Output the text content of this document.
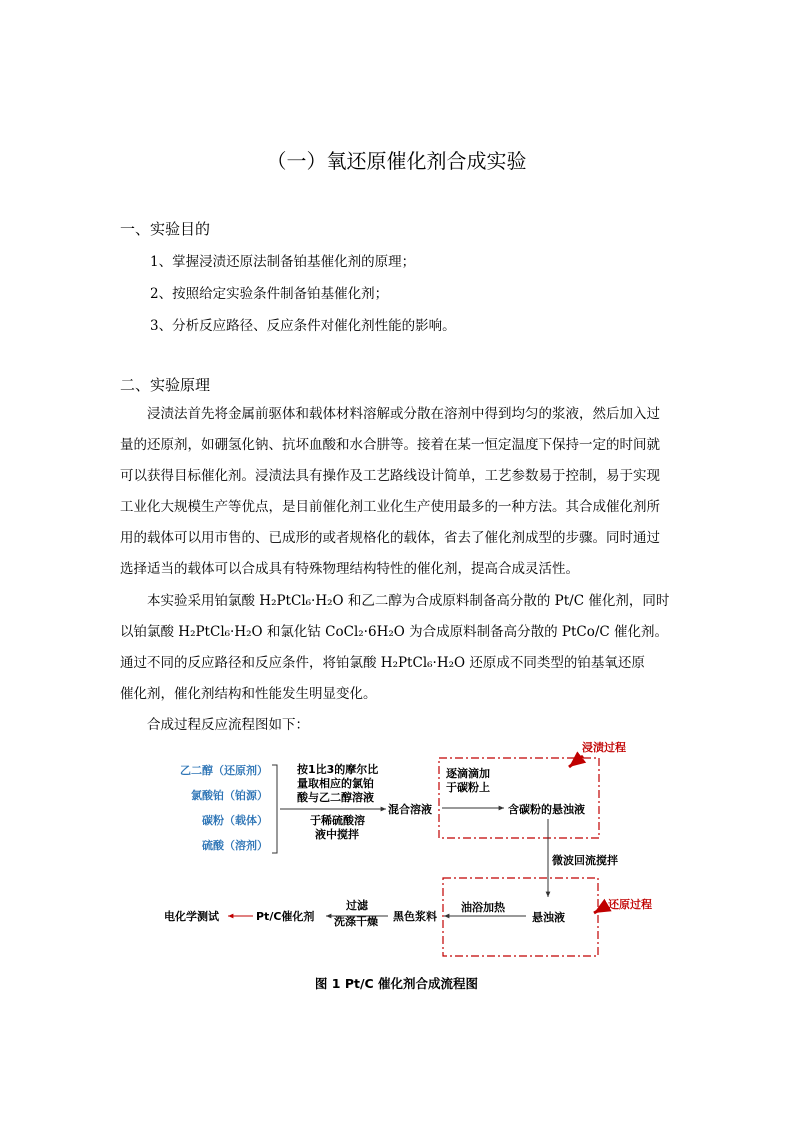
（一）氧还原催化剂合成实验
一、实验目的
1、掌握浸渍还原法制备铂基催化剂的原理；
2、按照给定实验条件制备铂基催化剂；
3、分析反应路径、反应条件对催化剂性能的影响。
二、实验原理
浸渍法首先将金属前驱体和载体材料溶解或分散在溶剂中得到均匀的浆液，然后加入过
量的还原剂，如硼氢化钠、抗坏血酸和水合肼等。接着在某一恒定温度下保持一定的时间就
可以获得目标催化剂。浸渍法具有操作及工艺路线设计简单，工艺参数易于控制，易于实现
工业化大规模生产等优点，是目前催化剂工业化生产使用最多的一种方法。其合成催化剂所
用的载体可以用市售的、已成形的或者规格化的载体，省去了催化剂成型的步骤。同时通过
选择适当的载体可以合成具有特殊物理结构特性的催化剂，提高合成灵活性。
本实验采用铂氯酸 H₂PtCl₆·H₂O 和乙二醇为合成原料制备高分散的 Pt/C 催化剂，同时
以铂氯酸 H₂PtCl₆·H₂O 和氯化钴 CoCl₂·6H₂O 为合成原料制备高分散的 PtCo/C 催化剂。
通过不同的反应路径和反应条件，将铂氯酸 H₂PtCl₆·H₂O 还原成不同类型的铂基氧还原
催化剂，催化剂结构和性能发生明显变化。
合成过程反应流程图如下：
乙二醇（还原剂）
氯酸铂（铂源）
碳粉（载体）
硫酸（溶剂）
按1比3的摩尔比
量取相应的氯铂
酸与乙二醇溶液
于稀硫酸溶
液中搅拌
混合溶液
逐滴滴加
于碳粉上
含碳粉的悬浊液
浸渍过程
微波回流搅拌
悬浊液
还原过程
油浴加热
黑色浆料
过滤
洗涤干燥
Pt/C催化剂
电化学测试
图 1 Pt/C 催化剂合成流程图
